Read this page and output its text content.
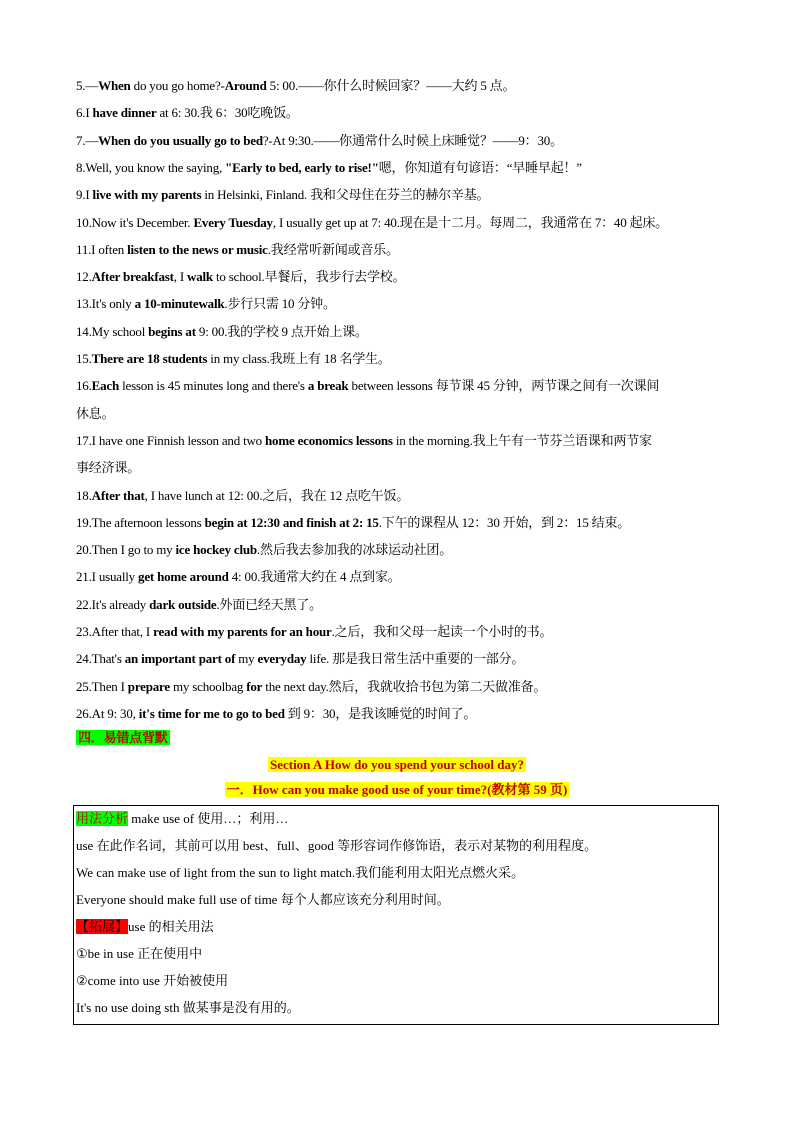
5.—When do you go home?-Around 5: 00.——你什么时候回家？——大约 5 点。
6.I have dinner at 6: 30.我 6：30吃晚饭。
7.—When do you usually go to bed?-At 9:30.——你通常什么时候上床睡觉？——9：30。
8.Well, you know the saying, "Early to bed, early to rise!"嗯，你知道有句谚语：“早睡早起！”
9.I live with my parents in Helsinki, Finland. 我和父母住在芬兰的赫尔辛基。
10.Now it's December. Every Tuesday, I usually get up at 7: 40.现在是十二月。每周二，我通常在 7：40 起床。
11.I often listen to the news or music.我经常听新闻或音乐。
12.After breakfast, I walk to school.早餐后，我步行去学校。
13.It's only a 10-minutewalk.步行只需 10 分钟。
14.My school begins at 9: 00.我的学校 9 点开始上课。
15.There are 18 students in my class.我班上有 18 名学生。
16.Each lesson is 45 minutes long and there's a break between lessons 每节课 45 分钟，两节课之间有一次课间
休息。
17.I have one Finnish lesson and two home economics lessons in the morning.我上午有一节芬兰语课和两节家
事经济课。
18.After that, I have lunch at 12: 00.之后，我在 12 点吃午饭。
19.The afternoon lessons begin at 12:30 and finish at 2: 15.下午的课程从 12：30 开始，到 2：15 结束。
20.Then I go to my ice hockey club.然后我去参加我的冰球运动社团。
21.I usually get home around 4: 00.我通常大约在 4 点到家。
22.It's already dark outside.外面已经天黑了。
23.After that, I read with my parents for an hour.之后，我和父母一起读一个小时的书。
24.That's an important part of my everyday life. 那是我日常生活中重要的一部分。
25.Then I prepare my schoolbag for the next day.然后，我就收拾书包为第二天做准备。
26.At 9: 30, it's time for me to go to bed 到 9：30，是我该睡觉的时间了。
四．易错点背默
Section A How do you spend your school day?
一．How can you make good use of your time?(教材第 59 页)
用法分析 make use of 使用…；利用…
use 在此作名词，其前可以用 best、full、good 等形容词作修饰语，表示对某物的利用程度。
We can make use of light from the sun to light match.我们能利用太阳光点燃火采。
Everyone should make full use of time 每个人都应该充分利用时间。
【拓展】use 的相关用法
①be in use 正在使用中
②come into use 开始被使用
It's no use doing sth 做某事是没有用的。
